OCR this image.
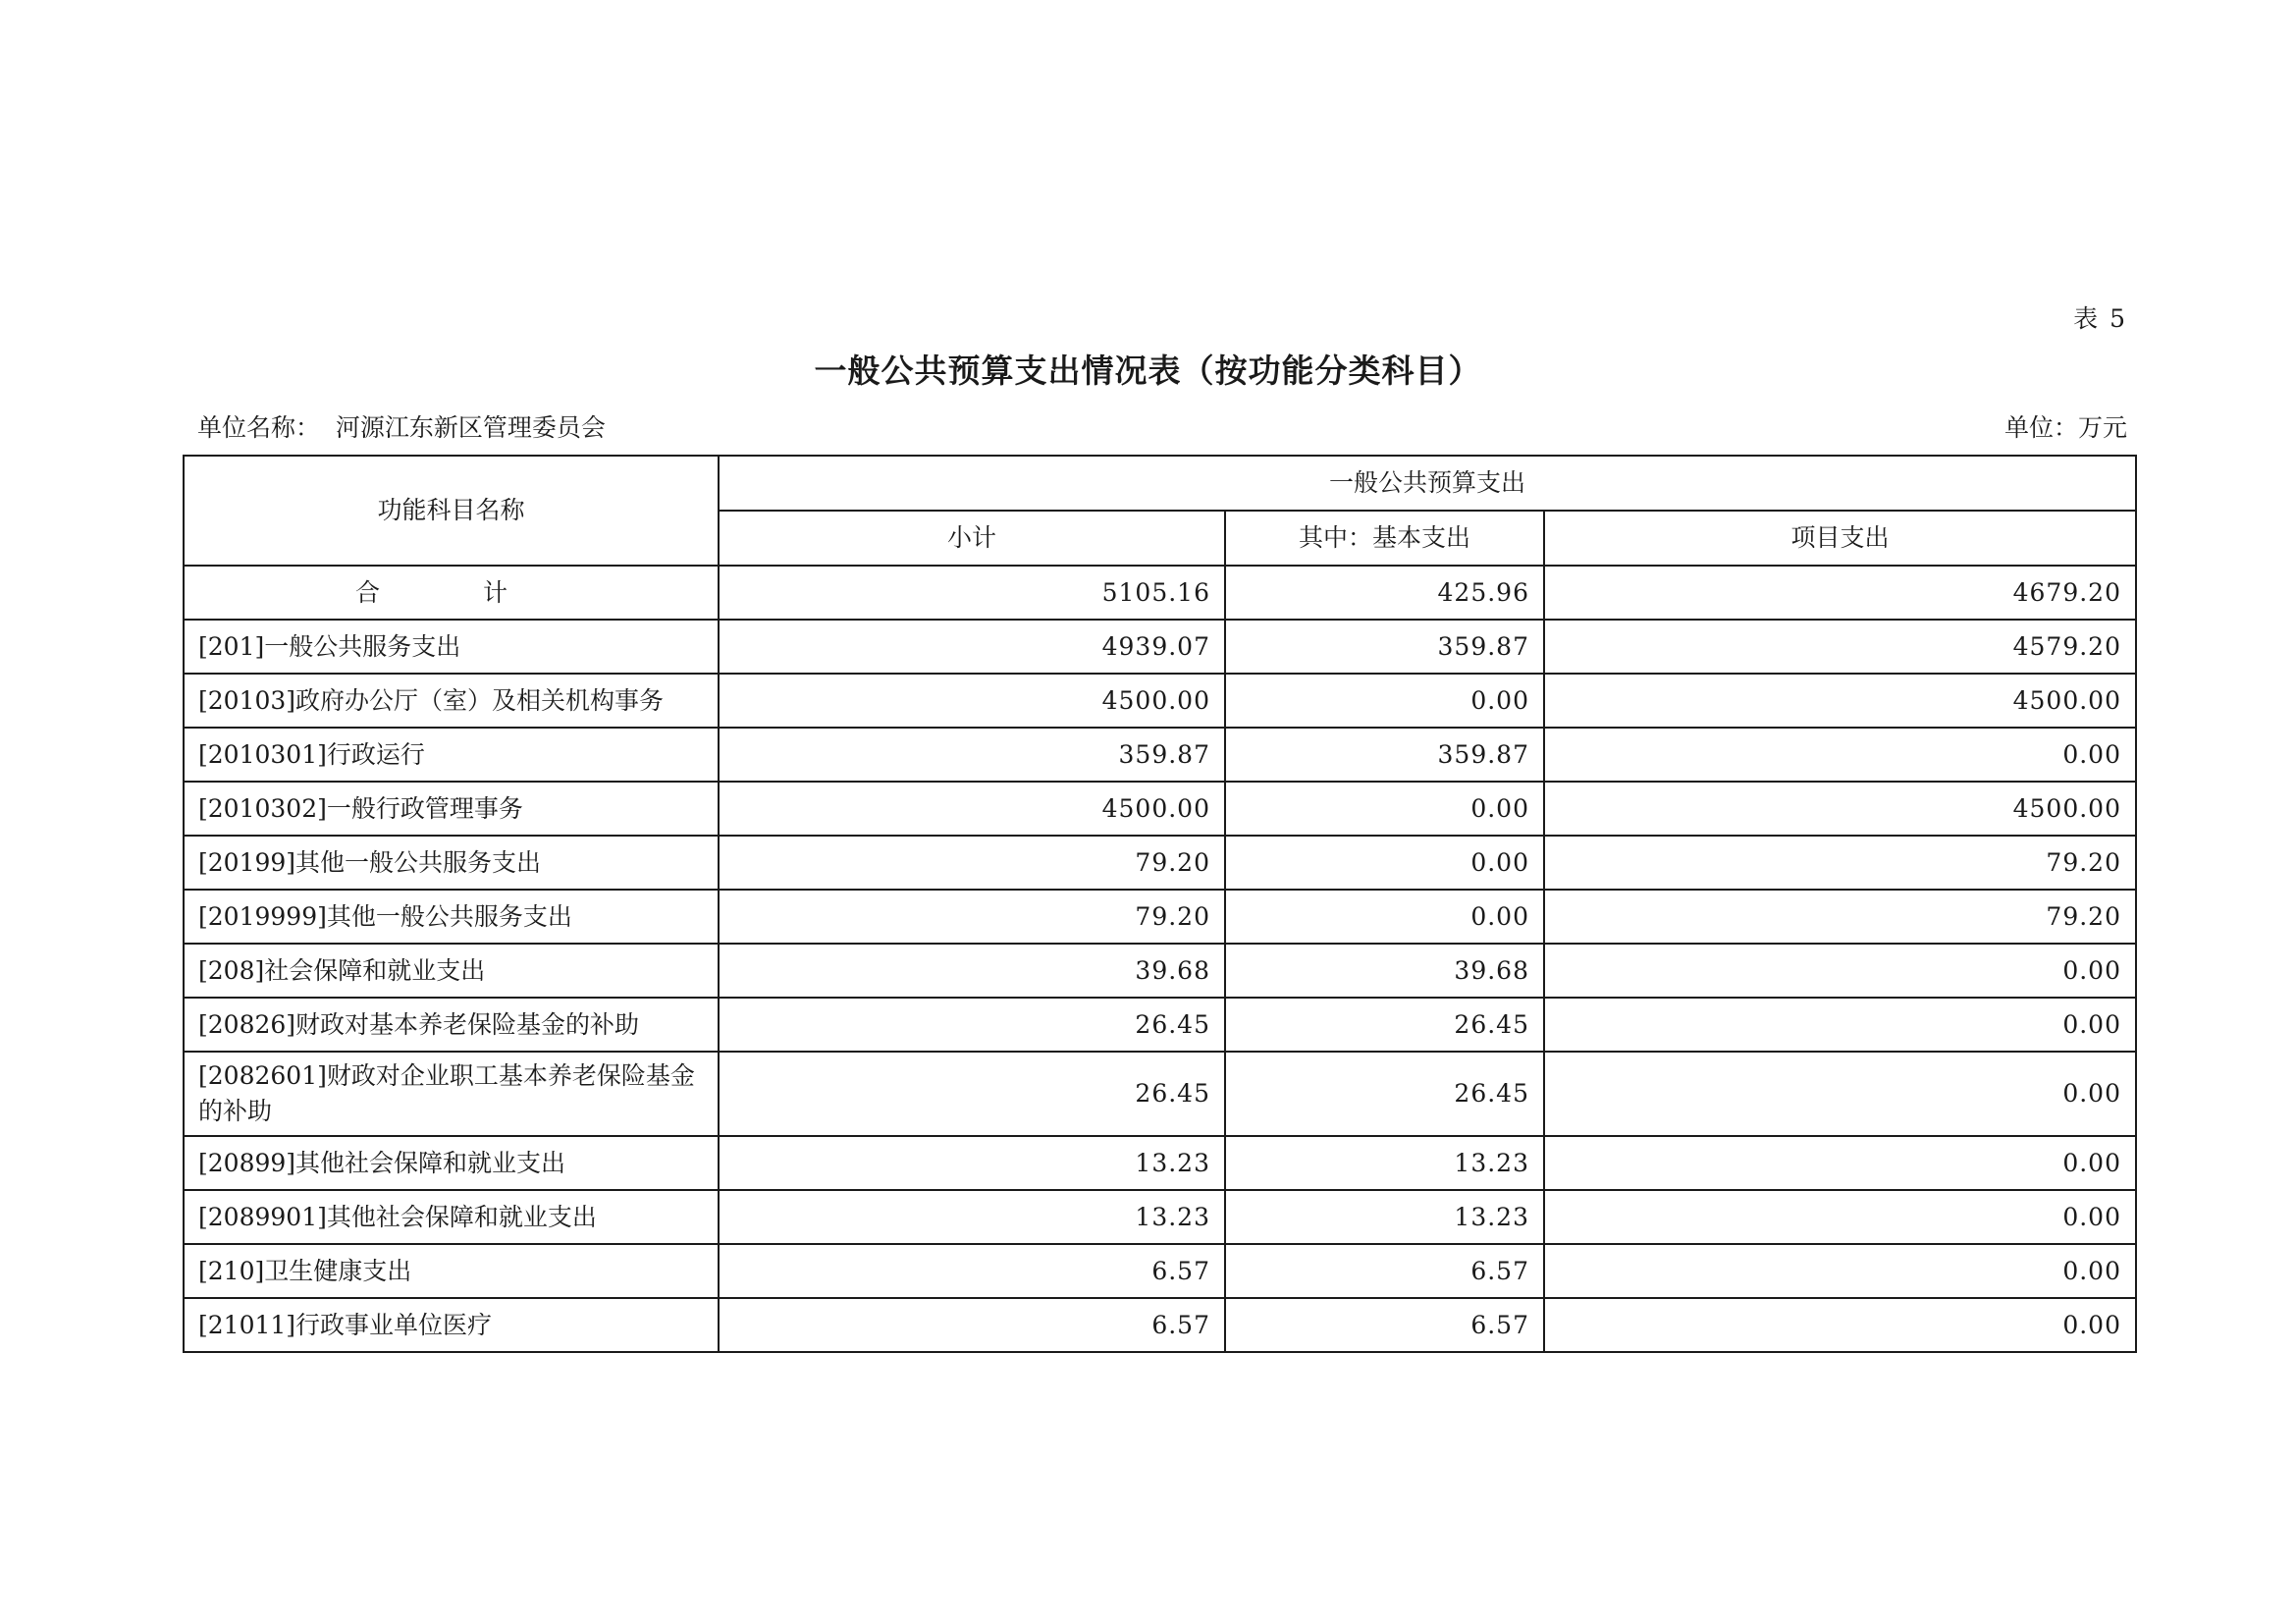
表 5
一般公共预算支出情况表（按功能分类科目）
单位名称： 河源江东新区管理委员会	单位：万元
功能科目名称	一般公共预算支出		
	小计	其中：基本支出	项目支出
合　计	5105.16	425.96	4679.20
[201]一般公共服务支出	4939.07	359.87	4579.20
[20103]政府办公厅（室）及相关机构事务	4500.00	0.00	4500.00
[2010301]行政运行	359.87	359.87	0.00
[2010302]一般行政管理事务	4500.00	0.00	4500.00
[20199]其他一般公共服务支出	79.20	0.00	79.20
[2019999]其他一般公共服务支出	79.20	0.00	79.20
[208]社会保障和就业支出	39.68	39.68	0.00
[20826]财政对基本养老保险基金的补助	26.45	26.45	0.00
[2082601]财政对企业职工基本养老保险基金的补助	26.45	26.45	0.00
[20899]其他社会保障和就业支出	13.23	13.23	0.00
[2089901]其他社会保障和就业支出	13.23	13.23	0.00
[210]卫生健康支出	6.57	6.57	0.00
[21011]行政事业单位医疗	6.57	6.57	0.00
